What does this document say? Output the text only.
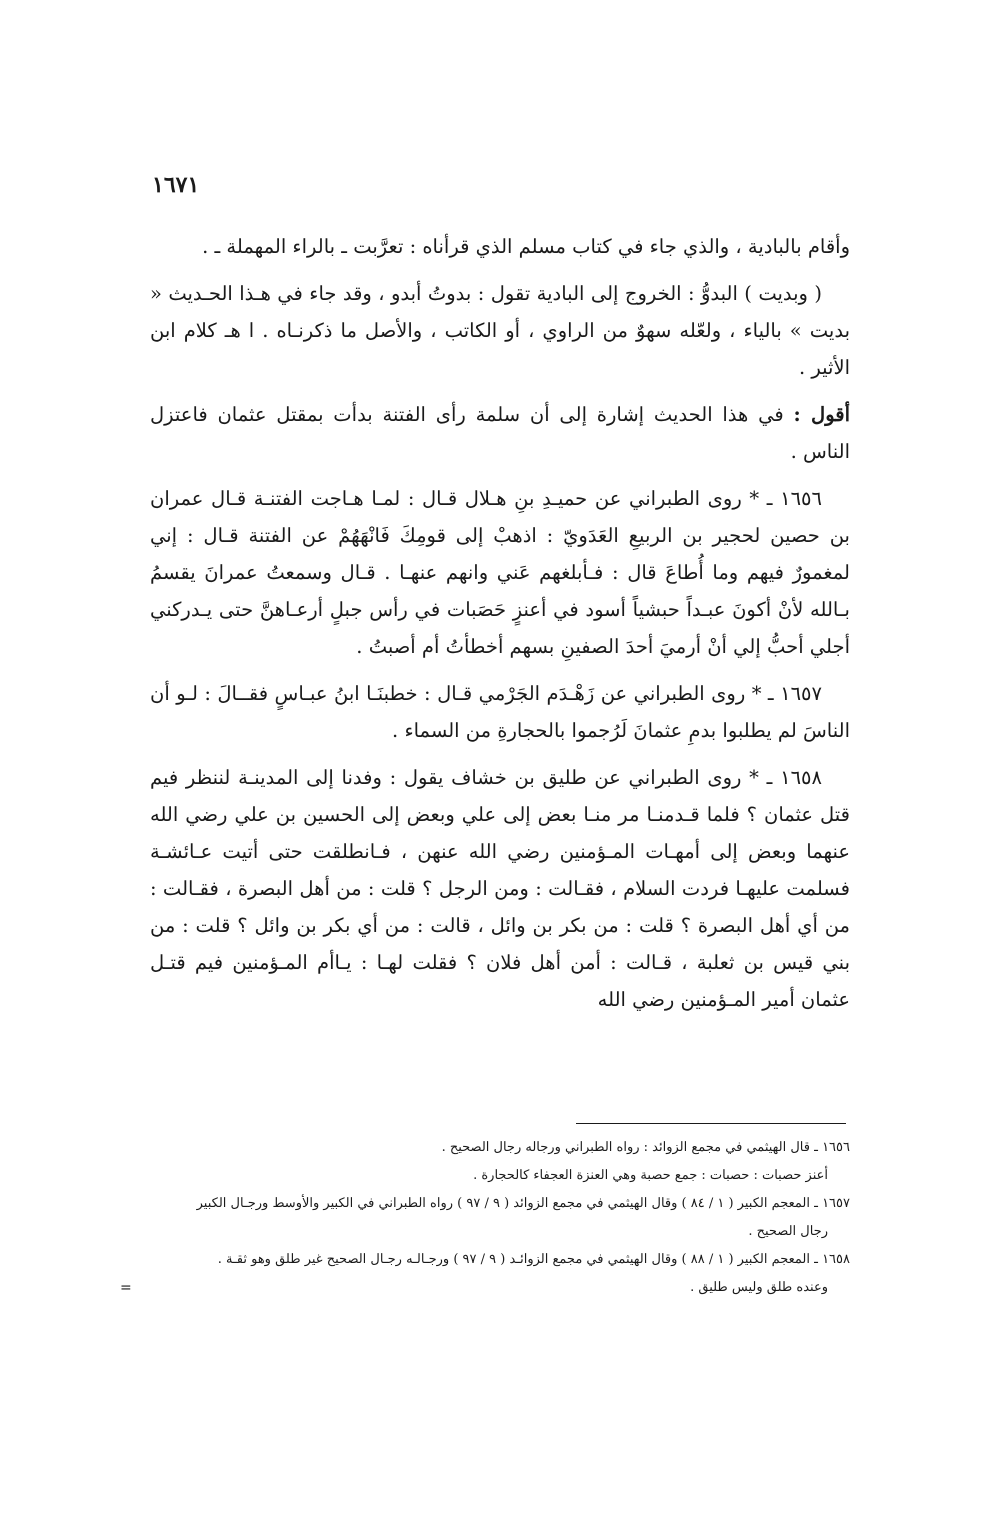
١٦٧١

وأقام بالبادية ، والذي جاء في كتاب مسلم الذي قرأناه : تعرَّبت ـ بالراء المهملة ـ .

( وبديت ) البدوُّ : الخروج إلى البادية تقول : بدوتُ أبدو ، وقد جاء في هـذا الحـديث « بديت » بالياء ، ولعّله سهوٌ من الراوي ، أو الكاتب ، والأصل ما ذكرنـاه . ا هـ كلام ابن الأثير .

أقول : في هذا الحديث إشارة إلى أن سلمة رأى الفتنة بدأت بمقتل عثمان فاعتزل الناس .

١٦٥٦ ـ * روى الطبراني عن حميـدِ بنِ هـلال قـال : لمـا هـاجت الفتنـة قـال عمران بن حصين لحجير بن الربيعِ العَدَويّ : اذهبْ إلى قومِكَ فَانْهَهُمْ عن الفتنة قـال : إني لمغمورٌ فيهم وما أُطاعَ قال : فـأبلغهم عَني وانهم عنهـا . قـال وسمعتُ عمرانَ يقسمُ بـالله لأنْ أكونَ عبـداً حبشياً أسود في أعنزٍ حَصَبات في رأس جبلٍ أرعـاهنَّ حتى يـدركني أجلي أحبُّ إلي أنْ أرميَ أحدَ الصفينِ بسهم أخطأتُ أم أصبتُ .

١٦٥٧ ـ * روى الطبراني عن زَهْـدَم الجَرْمي قـال : خطبنَـا ابنُ عبـاسٍ فقــالَ : لـو أن الناسَ لم يطلبوا بدمِ عثمانَ لَرُجموا بالحجارةِ من السماء .

١٦٥٨ ـ * روى الطبراني عن طليق بن خشاف يقول : وفدنا إلى المدينـة لننظر فيم قتل عثمان ؟ فلما قـدمنـا مر منـا بعض إلى علي وبعض إلى الحسين بن علي رضي الله عنهما وبعض إلى أمهـات المـؤمنين رضي الله عنهن ، فـانطلقت حتى أتيت عـائشـة فسلمت عليهـا فردت السلام ، فقـالت : ومن الرجل ؟ قلت : من أهل البصرة ، فقـالت : من أي أهل البصرة ؟ قلت : من بكر بن وائل ، قالت : من أي بكر بن وائل ؟ قلت : من بني قيس بن ثعلبة ، قـالت : أمن أهل فلان ؟ فقلت لهـا : يـاأم المـؤمنين فيم قتـل عثمان أمير المـؤمنين رضي الله

١٦٥٦ ـ قال الهيثمي في مجمع الزوائد : رواه الطبراني ورجاله رجال الصحيح .
أعنز حصبات : حصبات : جمع حصبة وهي العنزة العجفاء كالحجارة .
١٦٥٧ ـ المعجم الكبير ( ١ / ٨٤ ) وقال الهيثمي في مجمع الزوائد ( ٩ / ٩٧ ) رواه الطبراني في الكبير والأوسط ورجـال الكبير
رجال الصحيح .
١٦٥٨ ـ المعجم الكبير ( ١ / ٨٨ ) وقال الهيثمي في مجمع الزوائـد ( ٩ / ٩٧ ) ورجـالـه رجـال الصحيح غير طلق وهو ثقـة .
وعنده طلق وليس طليق .
=
